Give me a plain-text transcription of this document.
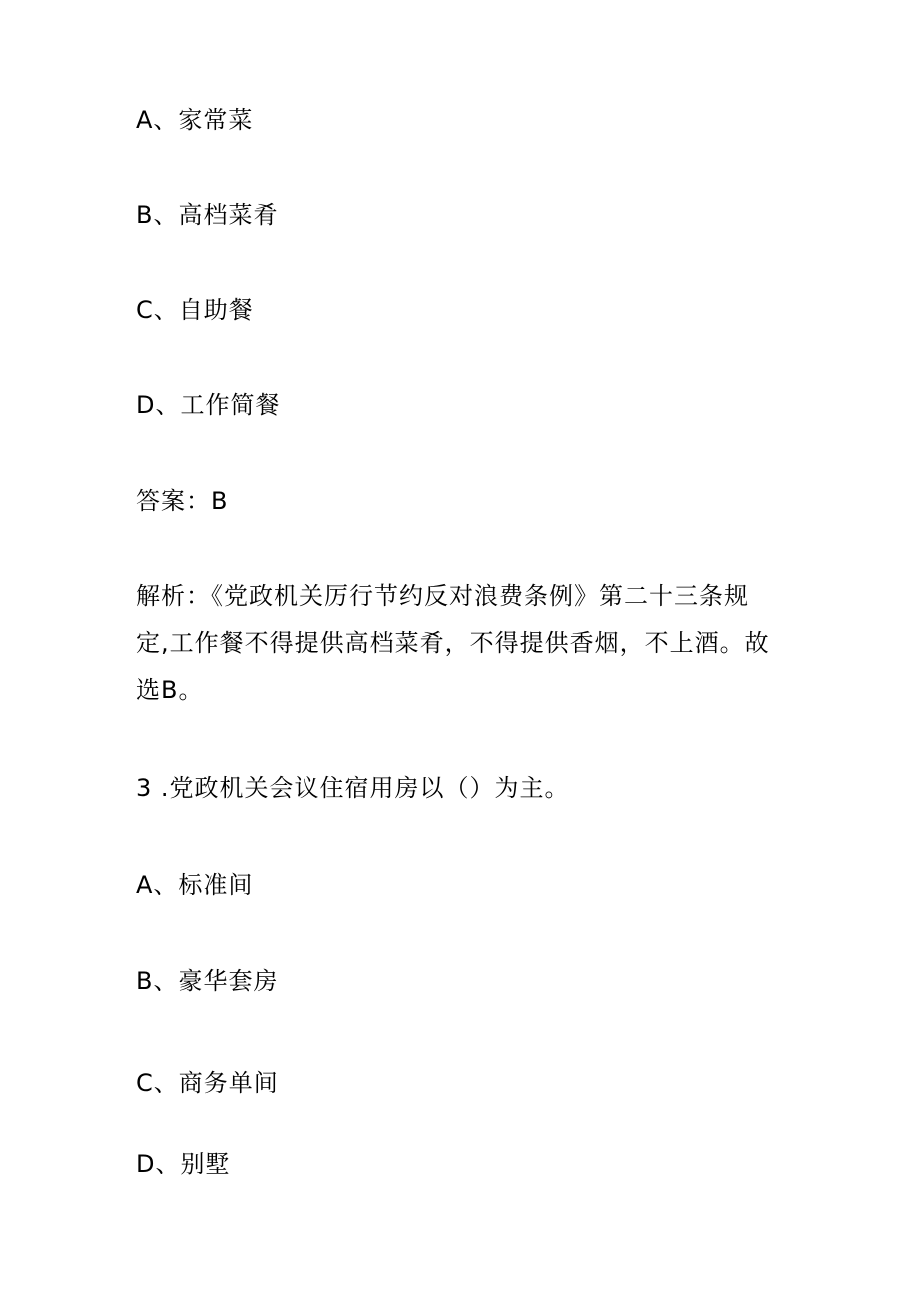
A、家常菜
B、高档菜肴
C、自助餐
D、工作简餐
答案：B
解析：《党政机关厉行节约反对浪费条例》第二十三条规定,工作餐不得提供高档菜肴，不得提供香烟，不上酒。故选B。
3 .党政机关会议住宿用房以（）为主。
A、标准间
B、豪华套房
C、商务单间
D、别墅
